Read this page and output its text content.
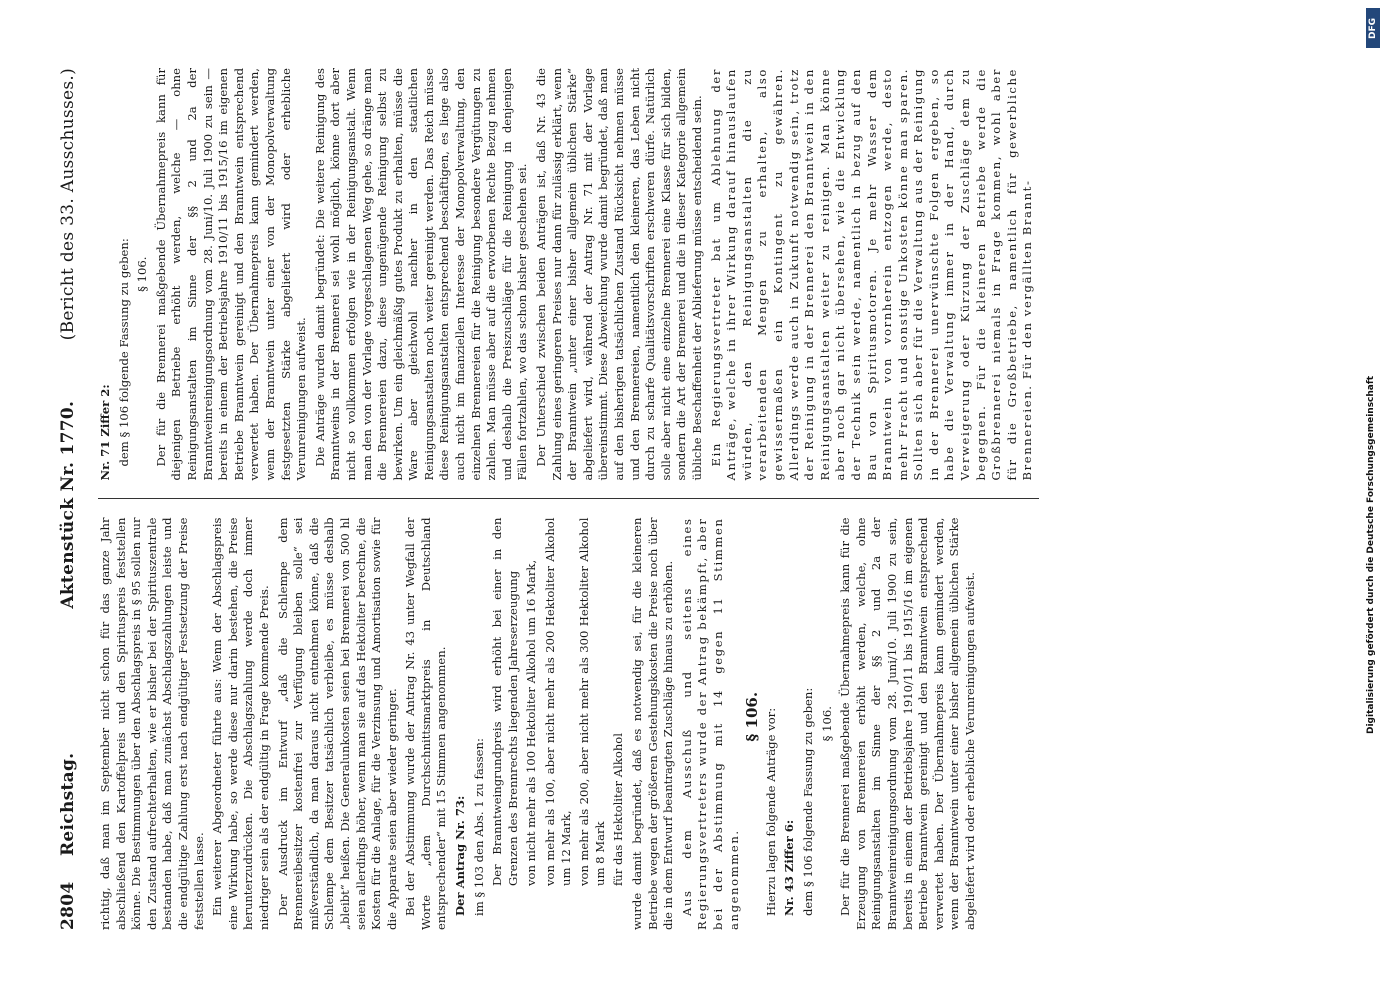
2804
Reichstag.
Aktenstück Nr. 1770.
(Bericht des 33. Ausschusses.)

richtig, daß man im September nicht schon für das ganze Jahr abschließend den Kartoffelpreis und den Spirituspreis feststellen könne. Die Bestimmungen über den Abschlagspreis in § 95 sollen nur den Zustand aufrechterhalten, wie er bisher bei der Spirituszentrale bestanden habe, daß man zunächst Abschlagszahlungen leiste und die endgültige Zahlung erst nach endgültiger Festsetzung der Preise feststellen lasse. Ein weiterer Abgeordneter führte aus: Wenn der Abschlagspreis eine Wirkung habe, so werde diese nur darin bestehen, die Preise herunterzudrücken. Die Abschlagszahlung werde doch immer niedriger sein als der endgültig in Frage kommende Preis. Der Ausdruck im Entwurf „daß die Schlempe dem Brennereibesitzer kostenfrei zur Verfügung bleiben solle“ sei mißverständlich, da man daraus nicht entnehmen könne, daß die Schlempe dem Besitzer tatsächlich verbleibe, es müsse deshalb „bleibt“ heißen. Die Generalunkosten seien bei Brennerei von 500 hl seien allerdings höher, wenn man sie auf das Hektoliter berechne, die Kosten für die Anlage, für die Verzinsung und Amortisation sowie für die Apparate seien aber wieder geringer. Bei der Abstimmung wurde der Antrag Nr. 43 unter Wegfall der Worte „dem Durchschnittsmarktpreis in Deutschland entsprechender“ mit 15 Stimmen angenommen. Der Antrag Nr. 73: im § 103 den Abs. 1 zu fassen: Der Branntweingrundpreis wird erhöht bei einer in den Grenzen des Brennrechts liegenden Jahreserzeugung von nicht mehr als 100 Hektoliter Alkohol um 16 Mark, von mehr als 100, aber nicht mehr als 200 Hektoliter Alkohol um 12 Mark, von mehr als 200, aber nicht mehr als 300 Hektoliter Alkohol um 8 Mark für das Hektoliter Alkohol wurde damit begründet, daß es notwendig sei, für die kleineren Betriebe wegen der größeren Gestehungskosten die Preise noch über die in dem Entwurf beantragten Zuschläge hinaus zu erhöhen. Aus dem Ausschuß und seitens eines Regierungsvertreters wurde der Antrag bekämpft, aber bei der Abstimmung mit 14 gegen 11 Stimmen angenommen.

§ 106. Hierzu lagen folgende Anträge vor: Nr. 43 Ziffer 6: dem § 106 folgende Fassung zu geben: § 106. Der für die Brennerei maßgebende Übernahmepreis kann für die Erzeugung von Brennereien erhöht werden, welche, ohne Reinigungsanstalten im Sinne der §§ 2 und 2a der Branntweinreinigungsordnung vom 28. Juni/10. Juli 1900 zu sein, bereits in einem der Betriebsjahre 1910/11 bis 1915/16 im eigenen Betriebe Branntwein gereinigt und den Branntwein entsprechend verwertet haben. Der Übernahmepreis kann gemindert werden, wenn der Branntwein unter einer bisher allgemein üblichen Stärke abgeliefert wird oder erhebliche Verunreinigungen aufweist.

Nr. 71 Ziffer 2: dem § 106 folgende Fassung zu geben: § 106. Der für die Brennerei maßgebende Übernahmepreis kann für diejenigen Betriebe erhöht werden, welche — ohne Reinigungsanstalten im Sinne der §§ 2 und 2a der Branntweinreinigungsordnung vom 28. Juni/10. Juli 1900 zu sein — bereits in einem der Betriebsjahre 1910/11 bis 1915/16 im eigenen Betriebe Branntwein gereinigt und den Branntwein entsprechend verwertet haben. Der Übernahmepreis kann gemindert werden, wenn der Branntwein unter einer von der Monopolverwaltung festgesetzten Stärke abgeliefert wird oder erhebliche Verunreinigungen aufweist. Die Anträge wurden damit begründet: Die weitere Reinigung des Branntweins in der Brennerei sei wohl möglich, könne dort aber nicht so vollkommen erfolgen wie in der Reinigungsanstalt. Wenn man den von der Vorlage vorgeschlagenen Weg gehe, so dränge man die Brennereien dazu, diese ungenügende Reinigung selbst zu bewirken. Um ein gleichmäßig gutes Produkt zu erhalten, müsse die Ware aber gleichwohl nachher in den staatlichen Reinigungsanstalten noch weiter gereinigt werden. Das Reich müsse diese Reinigungsanstalten entsprechend beschäftigen, es liege also auch nicht im finanziellen Interesse der Monopolverwaltung, den einzelnen Brennereien für die Reinigung besondere Vergütungen zu zahlen. Man müsse aber auf die erworbenen Rechte Bezug nehmen und deshalb die Preiszuschläge für die Reinigung in denjenigen Fällen fortzahlen, wo das schon bisher geschehen sei. Der Unterschied zwischen beiden Anträgen ist, daß Nr. 43 die Zahlung eines geringeren Preises nur dann für zulässig erklärt, wenn der Branntwein „unter einer bisher allgemein üblichen Stärke“ abgeliefert wird, während der Antrag Nr. 71 mit der Vorlage übereinstimmt. Diese Abweichung wurde damit begründet, daß man auf den bisherigen tatsächlichen Zustand Rücksicht nehmen müsse und den Brennereien, namentlich den kleineren, das Leben nicht durch zu scharfe Qualitätsvorschriften erschweren dürfe. Natürlich solle aber nicht eine einzelne Brennerei eine Klasse für sich bilden, sondern die Art der Brennerei und die in dieser Kategorie allgemein übliche Beschaffenheit der Ablieferung müsse entscheidend sein. Ein Regierungsvertreter bat um Ablehnung der Anträge, welche in ihrer Wirkung darauf hinauslaufen würden, den Reinigungsanstalten die zu verarbeitenden Mengen zu erhalten, also gewissermaßen ein Kontingent zu gewähren. Allerdings werde auch in Zukunft notwendig sein, trotz der Reinigung in der Brennerei den Branntwein in den Reinigungsanstalten weiter zu reinigen. Man könne aber noch gar nicht übersehen, wie die Entwicklung der Technik sein werde, namentlich in bezug auf den Bau von Spiritusmotoren. Je mehr Wasser dem Branntwein von vornherein entzogen werde, desto mehr Fracht und sonstige Unkosten könne man sparen. Sollten sich aber für die Verwaltung aus der Reinigung in der Brennerei unerwünschte Folgen ergeben, so habe die Verwaltung immer in der Hand, durch Verweigerung oder Kürzung der Zuschläge dem zu begegnen. Für die kleineren Betriebe werde die Großbrennerei niemals in Frage kommen, wohl aber für die Großbetriebe, namentlich für gewerbliche Brennereien. Für den vergällten Brannt-

DFG
Digitalisierung gefördert durch die Deutsche Forschungsgemeinschaft
